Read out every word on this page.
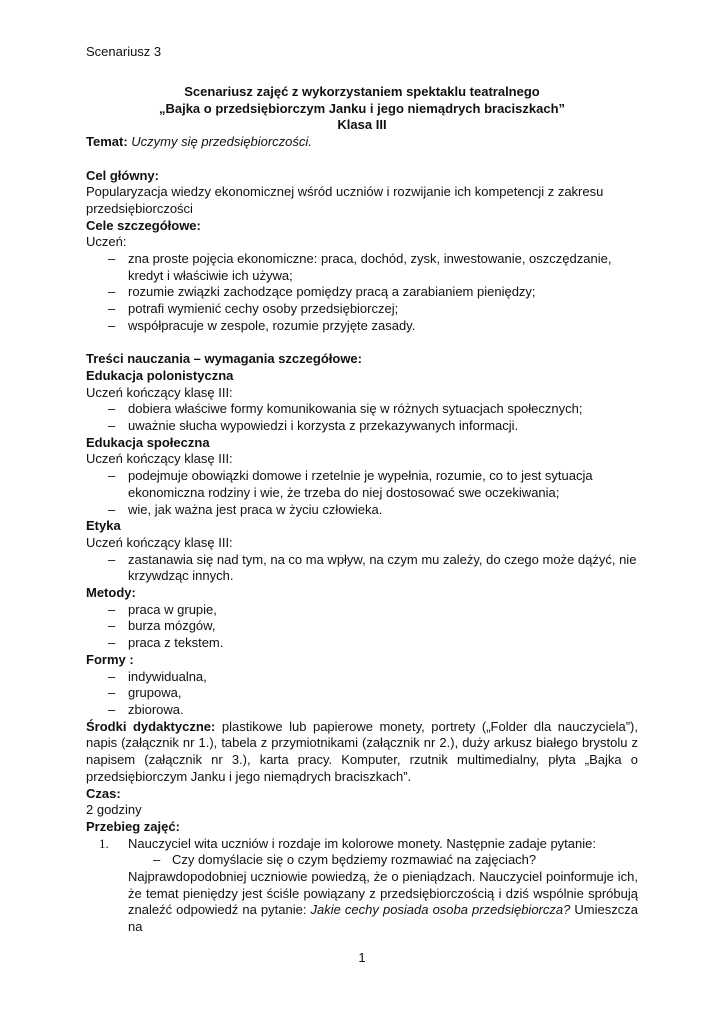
Scenariusz 3
Scenariusz zajęć z wykorzystaniem spektaklu teatralnego
„Bajka o przedsiębiorczym Janku i jego niemądrych braciszkach”
Klasa III
Temat: Uczymy się przedsiębiorczości.
Cel główny:
Popularyzacja wiedzy ekonomicznej wśród uczniów i rozwijanie ich kompetencji z zakresu przedsiębiorczości
Cele szczegółowe:
Uczeń:
– zna proste pojęcia ekonomiczne: praca, dochód, zysk, inwestowanie, oszczędzanie, kredyt i właściwie ich używa;
– rozumie związki zachodzące pomiędzy pracą a zarabianiem pieniędzy;
– potrafi wymienić cechy osoby przedsiębiorczej;
– współpracuje w zespole, rozumie przyjęte zasady.
Treści nauczania – wymagania szczegółowe:
Edukacja polonistyczna
Uczeń kończący klasę III:
– dobiera właściwe formy komunikowania się w różnych sytuacjach społecznych;
– uważnie słucha wypowiedzi i korzysta z przekazywanych informacji.
Edukacja społeczna
Uczeń kończący klasę III:
– podejmuje obowiązki domowe i rzetelnie je wypełnia, rozumie, co to jest sytuacja ekonomiczna rodziny i wie, że trzeba do niej dostosować swe oczekiwania;
– wie, jak ważna jest praca w życiu człowieka.
Etyka
Uczeń kończący klasę III:
– zastanawia się nad tym, na co ma wpływ, na czym mu zależy, do czego może dążyć, nie krzywdząc innych.
Metody:
– praca w grupie,
– burza mózgów,
– praca z tekstem.
Formy :
– indywidualna,
– grupowa,
– zbiorowa.
Środki dydaktyczne: plastikowe lub papierowe monety, portrety („Folder dla nauczyciela”), napis (załącznik nr 1.), tabela z przymiotnikami (załącznik nr 2.), duży arkusz białego brystolu z napisem (załącznik nr 3.), karta pracy. Komputer, rzutnik multimedialny, płyta „Bajka o przedsiębiorczym Janku i jego niemądrych braciszkach”.
Czas:
2 godziny
Przebieg zajęć:
1. Nauczyciel wita uczniów i rozdaje im kolorowe monety. Następnie zadaje pytanie:
– Czy domyślacie się o czym będziemy rozmawiać na zajęciach?
Najprawdopodobniej uczniowie powiedzą, że o pieniądzach. Nauczyciel poinformuje ich, że temat pieniędzy jest ściśle powiązany z przedsiębiorczością i dziś wspólnie spróbują znaleźć odpowiedź na pytanie: Jakie cechy posiada osoba przedsiębiorcza? Umieszcza na
1
